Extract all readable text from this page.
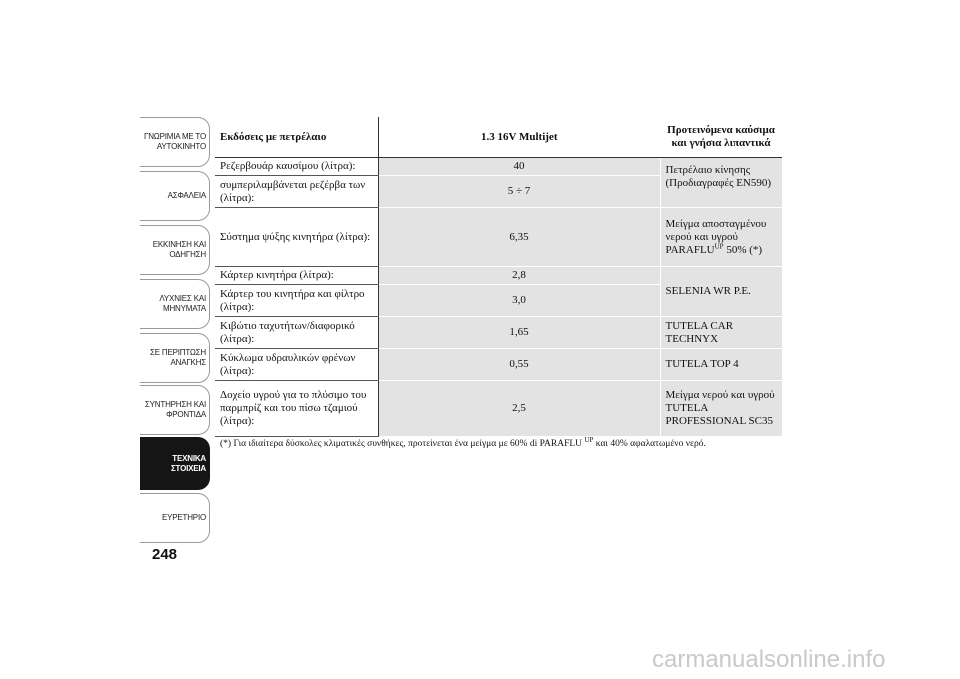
ΓΝΩΡΙΜΙΑ ΜΕ ΤΟ
ΑΥΤΟΚΙΝΗΤΟ
ΑΣΦΑΛΕΙΑ
ΕΚΚΙΝΗΣΗ ΚΑΙ
ΟΔΗΓΗΣΗ
ΛΥΧΝΙΕΣ ΚΑΙ
ΜΗΝΥΜΑΤΑ
ΣΕ ΠΕΡΙΠΤΩΣΗ
ΑΝΑΓΚΗΣ
ΣΥΝΤΗΡΗΣΗ ΚΑΙ
ΦΡΟΝΤΙΔΑ
ΤΕΧΝΙΚΑ
ΣΤΟΙΧΕΙΑ
ΕΥΡΕΤΗΡΙΟ
248
Εκδόσεις με πετρέλαιο	1.3 16V Multijet	Προτεινόμενα καύσιμα και γνήσια λιπαντικά
Ρεζερβουάρ καυσίμου (λίτρα):	40	Πετρέλαιο κίνησης (Προδιαγραφές EN590)
συμπεριλαμβάνεται ρεζέρβα των (λίτρα):	5 ÷ 7	
Σύστημα ψύξης κινητήρα (λίτρα):	6,35	Μείγμα αποσταγμένου νερού και υγρού $PARAFLU^{UP}$ 50% (*)
Κάρτερ κινητήρα (λίτρα):	2,8	SELENIA WR P.E.
Κάρτερ του κινητήρα και φίλτρο (λίτρα):	3,0	
Κιβώτιο ταχυτήτων/διαφορικό (λίτρα):	1,65	TUTELA CAR TECHNYX
Κύκλωμα υδραυλικών φρένων (λίτρα):	0,55	TUTELA TOP 4
Δοχείο υγρού για το πλύσιμο του παρμπρίζ και του πίσω τζαμιού (λίτρα):	2,5	Μείγμα νερού και υγρού TUTELA PROFESSIONAL SC35
(*) Για ιδιαίτερα δύσκολες κλιματικές συνθήκες, προτείνεται ένα μείγμα με 60% di PARAFLU $^{UP}$ και 40% αφαλατωμένο νερό.
carmanualsonline.info
